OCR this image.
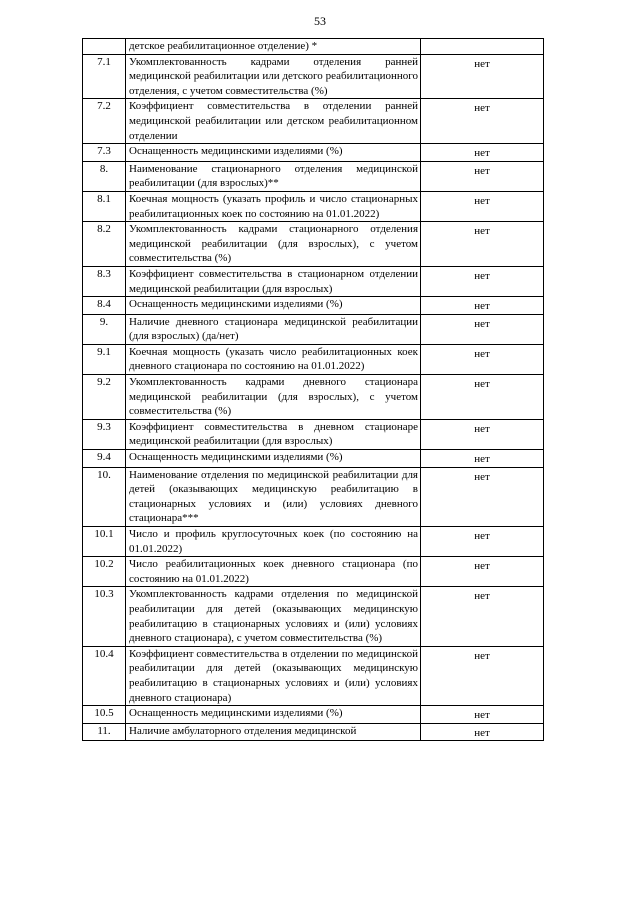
53
	детское реабилитационное отделение) *	
7.1	Укомплектованность кадрами отделения ранней медицинской реабилитации или детского реабилитационного отделения, с учетом совместительства (%)	нет
7.2	Коэффициент совместительства в отделении ранней медицинской реабилитации или детском реабилитационном отделении	нет
7.3	Оснащенность медицинскими изделиями (%)	нет
8.	Наименование стационарного отделения медицинской реабилитации (для взрослых)**	нет
8.1	Коечная мощность (указать профиль и число стационарных реабилитационных коек по состоянию на 01.01.2022)	нет
8.2	Укомплектованность кадрами стационарного отделения медицинской реабилитации (для взрослых), с учетом совместительства (%)	нет
8.3	Коэффициент совместительства в стационарном отделении медицинской реабилитации (для взрослых)	нет
8.4	Оснащенность медицинскими изделиями (%)	нет
9.	Наличие дневного стационара медицинской реабилитации (для взрослых) (да/нет)	нет
9.1	Коечная мощность (указать число реабилитационных коек дневного стационара по состоянию на 01.01.2022)	нет
9.2	Укомплектованность кадрами дневного стационара медицинской реабилитации (для взрослых), с учетом совместительства (%)	нет
9.3	Коэффициент совместительства в дневном стационаре медицинской реабилитации (для взрослых)	нет
9.4	Оснащенность медицинскими изделиями (%)	нет
10.	Наименование отделения по медицинской реабилитации для детей (оказывающих медицинскую реабилитацию в стационарных условиях и (или) условиях дневного стационара***	нет
10.1	Число и профиль круглосуточных коек (по состоянию на 01.01.2022)	нет
10.2	Число реабилитационных коек дневного стационара (по состоянию на 01.01.2022)	нет
10.3	Укомплектованность кадрами отделения по медицинской реабилитации для детей (оказывающих медицинскую реабилитацию в стационарных условиях и (или) условиях дневного стационара), с учетом совместительства (%)	нет
10.4	Коэффициент совместительства в отделении по медицинской реабилитации для детей (оказывающих медицинскую реабилитацию в стационарных условиях и (или) условиях дневного стационара)	нет
10.5	Оснащенность медицинскими изделиями (%)	нет
11.	Наличие амбулаторного отделения медицинской	нет
